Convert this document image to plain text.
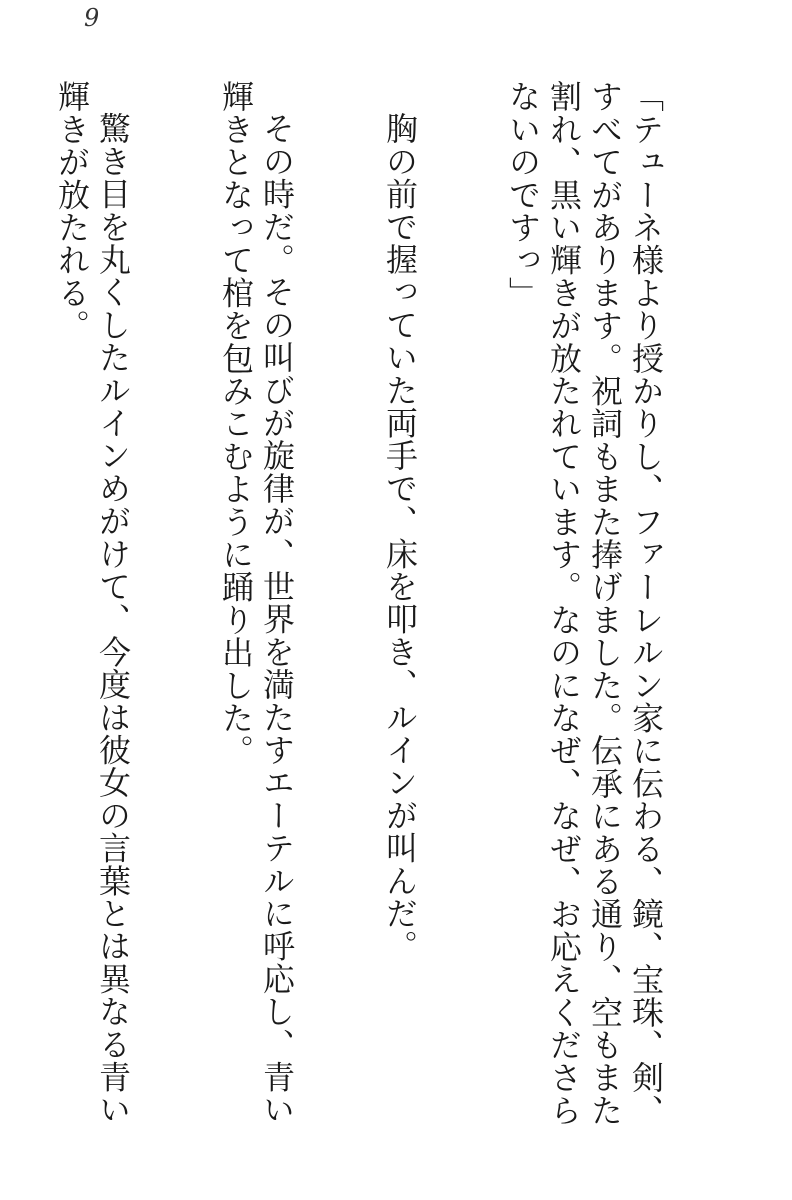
9

「テューネ様より授かりし、ファーレルン家に伝わる、鏡、宝珠、剣、すべてがあります。祝詞もまた捧げました。伝承にある通り、空もまた割れ、黒い輝きが放たれています。なのになぜ、なぜ、お応えくださらないのですっ」

胸の前で握っていた両手で、床を叩き、ルインが叫んだ。

その時だ。その叫びが旋律が、世界を満たすエーテルに呼応し、青い輝きとなって棺を包みこむように踊り出した。

驚き目を丸くしたルインめがけて、今度は彼女の言葉とは異なる青い輝きが放たれる。
